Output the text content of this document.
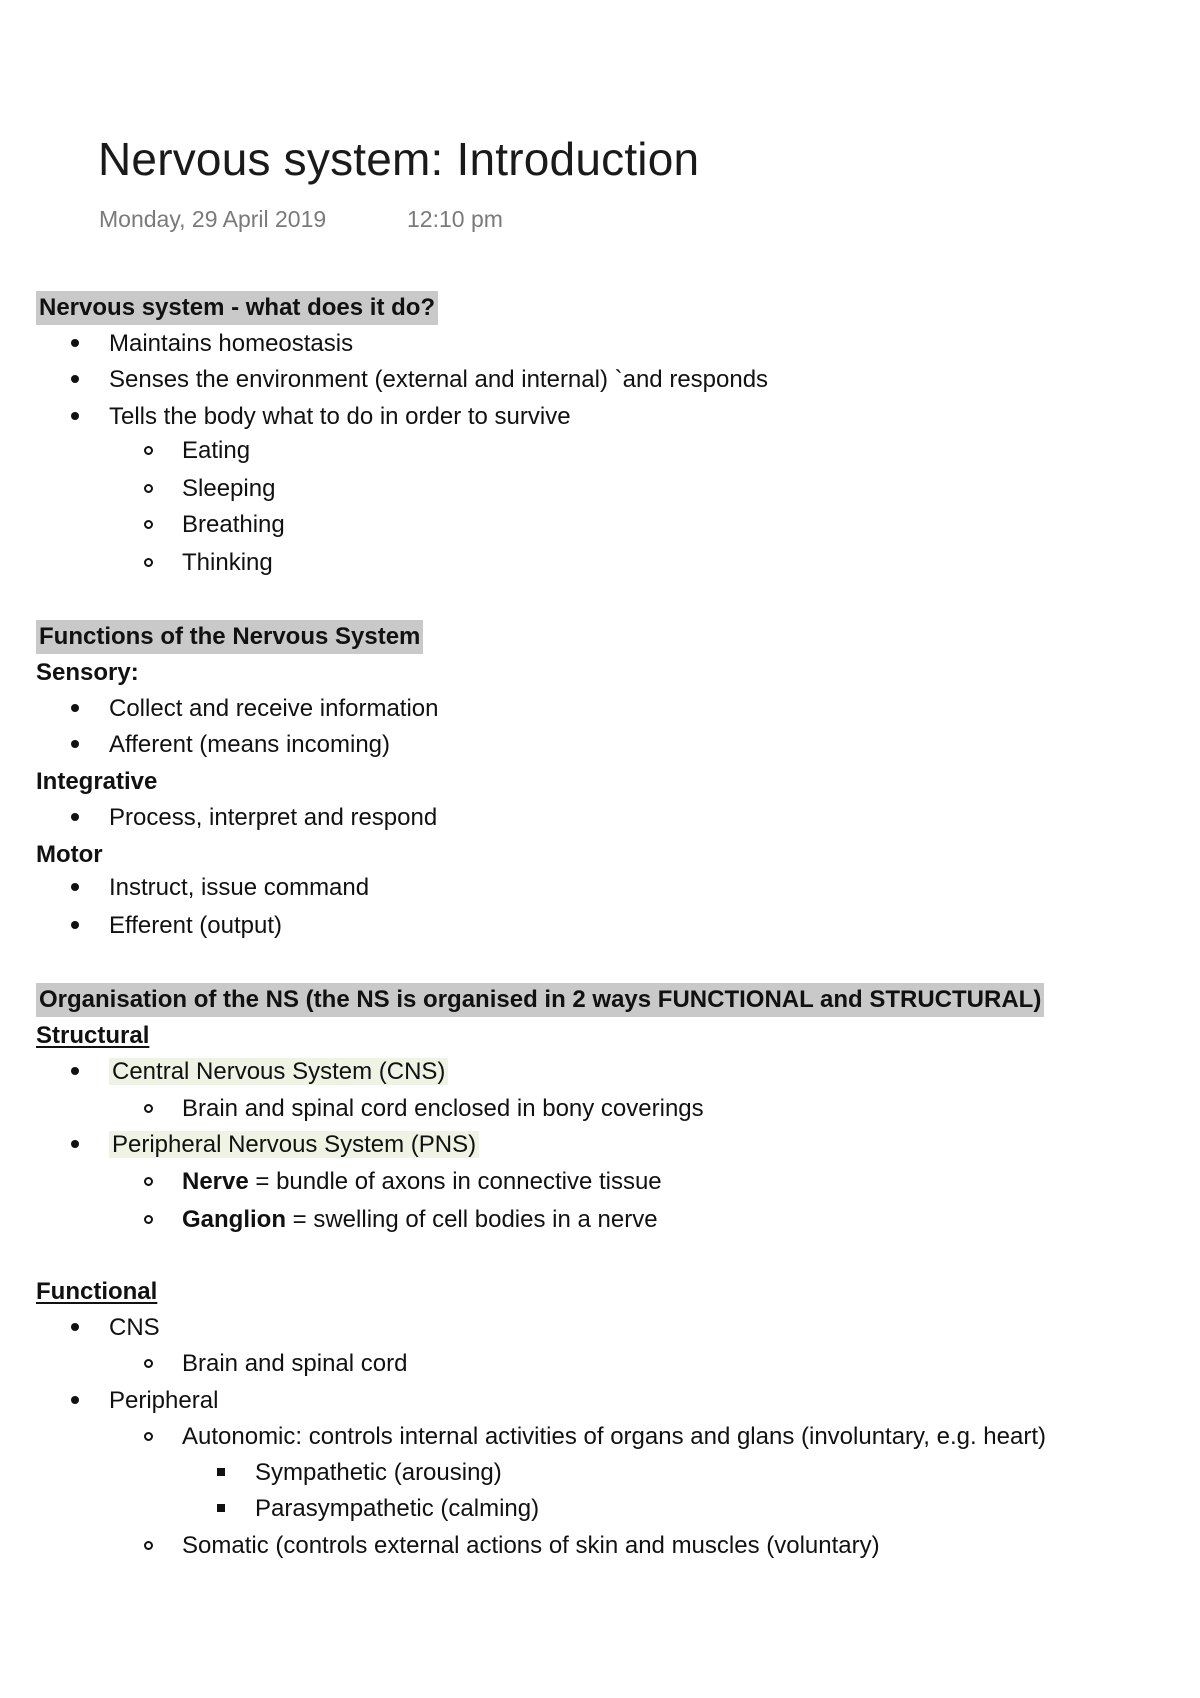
Nervous system: Introduction
Monday, 29 April 2019	12:10 pm
Nervous system - what does it do?
Maintains homeostasis
Senses the environment (external and internal) `and responds
Tells the body what to do in order to survive
Eating
Sleeping
Breathing
Thinking
Functions of the Nervous System
Sensory:
Collect and receive information
Afferent (means incoming)
Integrative
Process, interpret and respond
Motor
Instruct, issue command
Efferent (output)
Organisation of the NS (the NS is organised in 2 ways FUNCTIONAL and STRUCTURAL)
Structural
Central Nervous System (CNS)
Brain and spinal cord enclosed in bony coverings
Peripheral Nervous System (PNS)
Nerve = bundle of axons in connective tissue
Ganglion = swelling of cell bodies in a nerve
Functional
CNS
Brain and spinal cord
Peripheral
Autonomic: controls internal activities of organs and glans (involuntary, e.g. heart)
Sympathetic (arousing)
Parasympathetic (calming)
Somatic (controls external actions of skin and muscles (voluntary)
